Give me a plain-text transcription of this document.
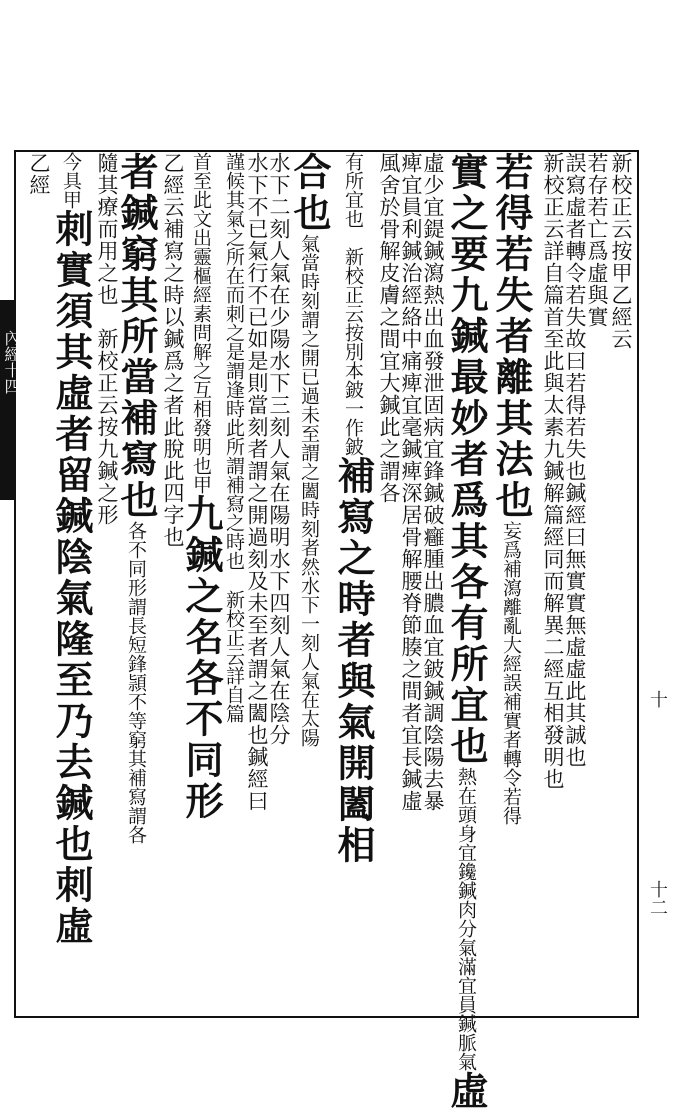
內經十四
十
十二
新校正云按甲乙經云
若存若亡爲虛與實
誤寫虛者轉令若失故曰若得若失也鍼經曰無實實無虛虛此其誠也
新校正云詳自篇首至此與太素九鍼解篇經同而解異二經互相發明也
若得若失者離其法也妄爲補瀉離亂大經誤補實者轉令若得
實之要九鍼最妙者爲其各有所宜也熱在頭身宜鑱鍼肉分氣滿宜員鍼脈氣虛
虛少宜鍉鍼瀉熱出血發泄固病宜鋒鍼破癰腫出膿血宜鈹鍼調陰陽去暴
痺宜員利鍼治經絡中痛痺宜毫鍼痺深居骨解腰脊節腠之間者宜長鍼虛
風舍於骨解皮膚之間宜大鍼此之謂各
有所宜也　新校正云按別本鈹一作鈹補寫之時者與氣開闔相
合也氣當時刻謂之開已過未至謂之闔時刻者然水下一刻人氣在太陽
水下二刻人氣在少陽水下三刻人氣在陽明水下四刻人氣在陰分
水下不已氣行不已如是則當刻者謂之開過刻及未至者謂之闔也鍼經曰
謹候其氣之所在而刺之是謂逢時此所謂補寫之時也新校正云詳自篇
首至此文出靈樞經素問解之互相發明也甲九鍼之名各不同形
乙經云補寫之時以鍼爲之者此脫此四字也
者鍼窮其所當補寫也各不同形謂長短鋒頴不等窮其補寫謂各
隨其療而用之也　新校正云按九鍼之形
今具甲刺實須其虛者留鍼陰氣隆至乃去鍼也刺虛
乙經
